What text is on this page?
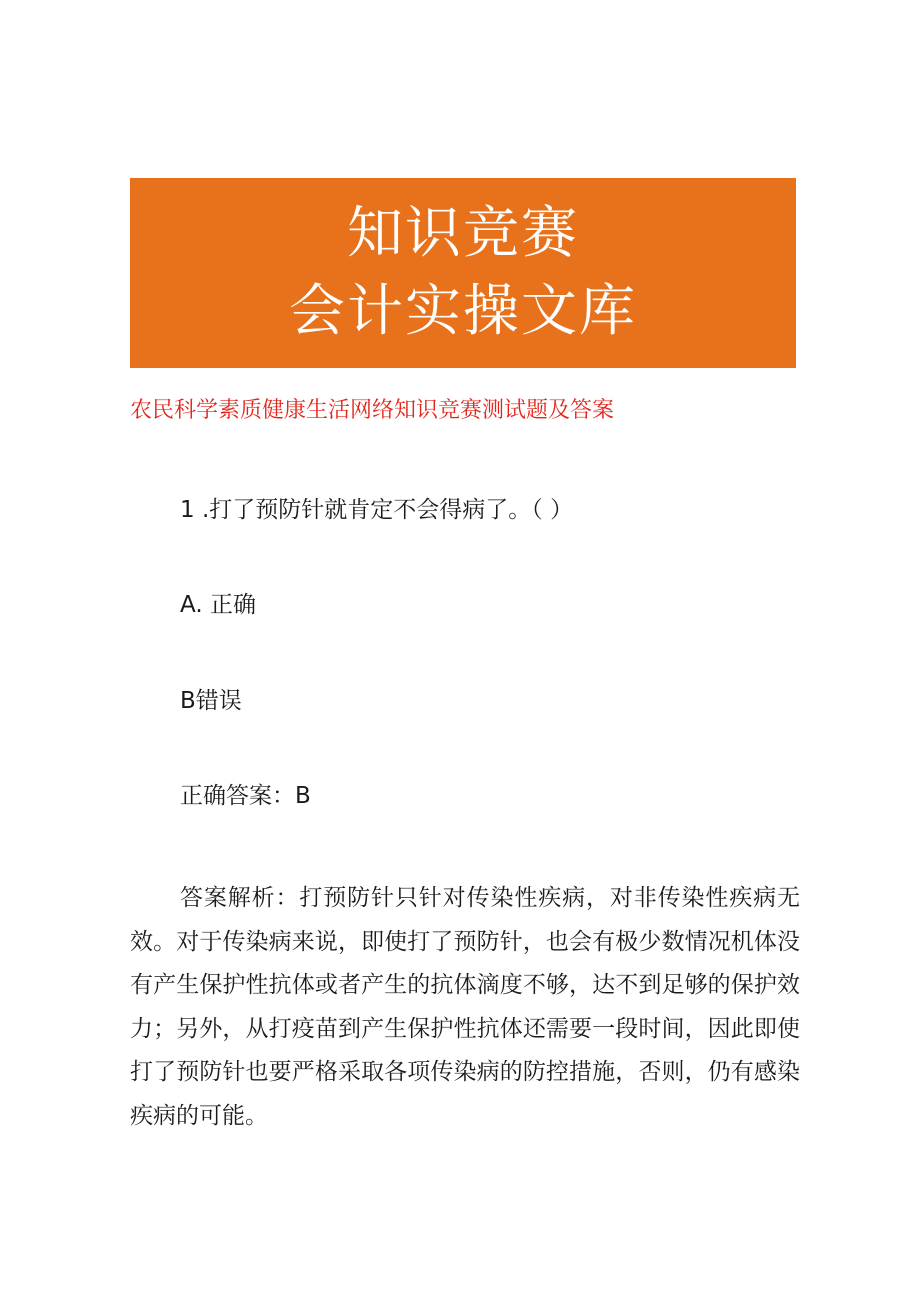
知识竞赛
会计实操文库
农民科学素质健康生活网络知识竞赛测试题及答案
1 .打了预防针就肯定不会得病了。（ ）
A. 正确
B错误
正确答案：B

答案解析：打预防针只针对传染性疾病，对非传染性疾病无效。对于传染病来说，即使打了预防针，也会有极少数情况机体没有产生保护性抗体或者产生的抗体滴度不够，达不到足够的保护效力；另外，从打疫苗到产生保护性抗体还需要一段时间，因此即使打了预防针也要严格采取各项传染病的防控措施，否则，仍有感染疾病的可能。
